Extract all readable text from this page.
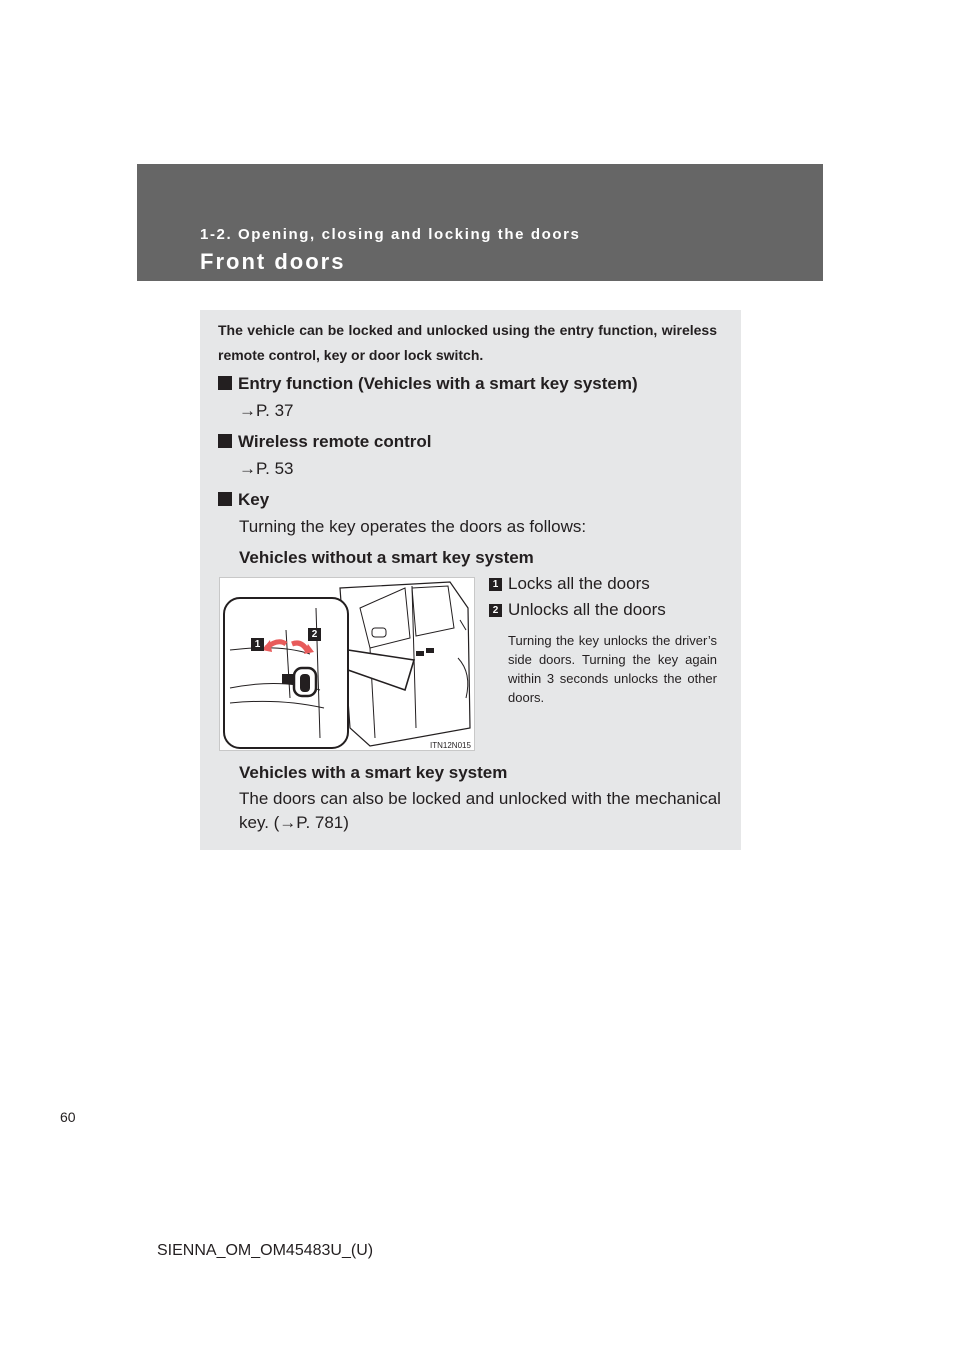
1-2. Opening, closing and locking the doors
Front doors
The vehicle can be locked and unlocked using the entry function, wireless remote control, key or door lock switch.
Entry function (Vehicles with a smart key system)
→P. 37
Wireless remote control
→P. 53
Key
Turning the key operates the doors as follows:
Vehicles without a smart key system
ITN12N015
1
2
1 Locks all the doors
2 Unlocks all the doors
Turning the key unlocks the driver’s side doors. Turning the key again within 3 seconds unlocks the other doors.
Vehicles with a smart key system
The doors can also be locked and unlocked with the mechanical
key. (→P. 781)
60
SIENNA_OM_OM45483U_(U)
